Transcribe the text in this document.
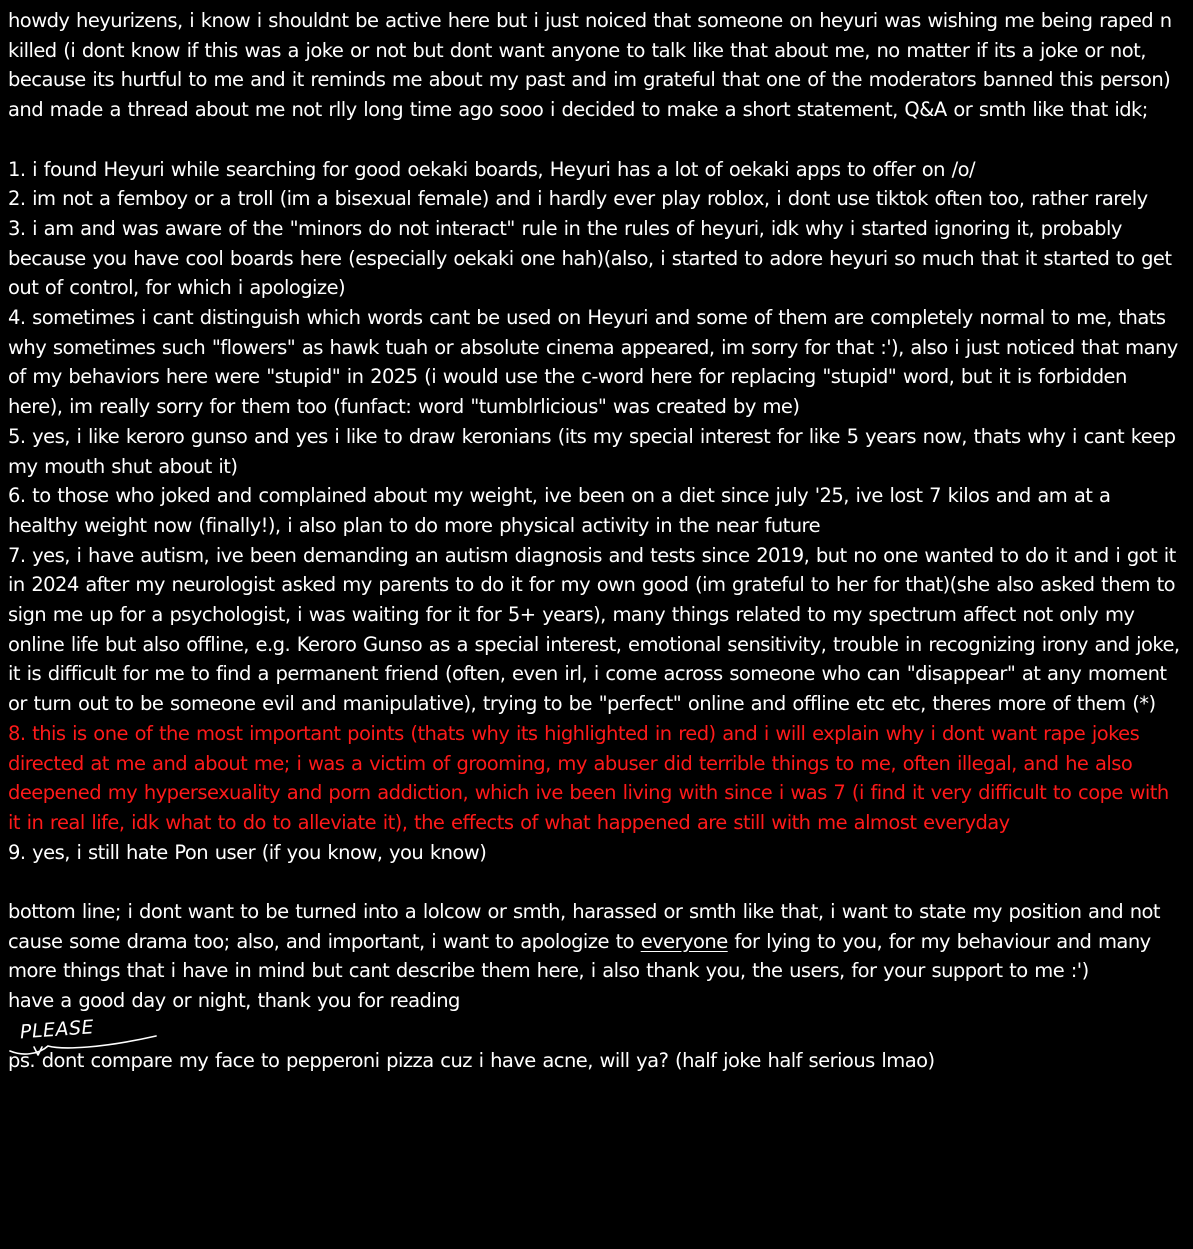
howdy heyurizens, i know i shouldnt be active here but i just noiced that someone on heyuri was wishing me being raped n killed (i dont know if this was a joke or not but dont want anyone to talk like that about me, no matter if its a joke or not, because its hurtful to me and it reminds me about my past and im grateful that one of the moderators banned this person) and made a thread about me not rlly long time ago sooo i decided to make a short statement, Q&A or smth like that idk;

1. i found Heyuri while searching for good oekaki boards, Heyuri has a lot of oekaki apps to offer on /o/

2. im not a femboy or a troll (im a bisexual female) and i hardly ever play roblox, i dont use tiktok often too, rather rarely

3. i am and was aware of the "minors do not interact" rule in the rules of heyuri, idk why i started ignoring it, probably because you have cool boards here (especially oekaki one hah)(also, i started to adore heyuri so much that it started to get out of control, for which i apologize)

4. sometimes i cant distinguish which words cant be used on Heyuri and some of them are completely normal to me, thats why sometimes such "flowers" as hawk tuah or absolute cinema appeared, im sorry for that :'), also i just noticed that many of my behaviors here were "stupid" in 2025 (i would use the c-word here for replacing "stupid" word, but it is forbidden here), im really sorry for them too (funfact: word "tumblrlicious" was created by me)

5. yes, i like keroro gunso and yes i like to draw keronians (its my special interest for like 5 years now, thats why i cant keep my mouth shut about it)

6. to those who joked and complained about my weight, ive been on a diet since july '25, ive lost 7 kilos and am at a healthy weight now (finally!), i also plan to do more physical activity in the near future

7. yes, i have autism, ive been demanding an autism diagnosis and tests since 2019, but no one wanted to do it and i got it in 2024 after my neurologist asked my parents to do it for my own good (im grateful to her for that)(she also asked them to sign me up for a psychologist, i was waiting for it for 5+ years), many things related to my spectrum affect not only my online life but also offline, e.g. Keroro Gunso as a special interest, emotional sensitivity, trouble in recognizing irony and joke, it is difficult for me to find a permanent friend (often, even irl, i come across someone who can "disappear" at any moment or turn out to be someone evil and manipulative), trying to be "perfect" online and offline etc etc, theres more of them (*)

8. this is one of the most important points (thats why its highlighted in red) and i will explain why i dont want rape jokes directed at me and about me; i was a victim of grooming, my abuser did terrible things to me, often illegal, and he also deepened my hypersexuality and porn addiction, which ive been living with since i was 7 (i find it very difficult to cope with it in real life, idk what to do to alleviate it), the effects of what happened are still with me almost everyday

9. yes, i still hate Pon user (if you know, you know)

bottom line; i dont want to be turned into a lolcow or smth, harassed or smth like that, i want to state my position and not cause some drama too; also, and important, i want to apologize to everyone for lying to you, for my behaviour and many more things that i have in mind but cant describe them here, i also thank you, the users, for your support to me :')

have a good day or night, thank you for reading

PLEASE

ps. dont compare my face to pepperoni pizza cuz i have acne, will ya? (half joke half serious lmao)
